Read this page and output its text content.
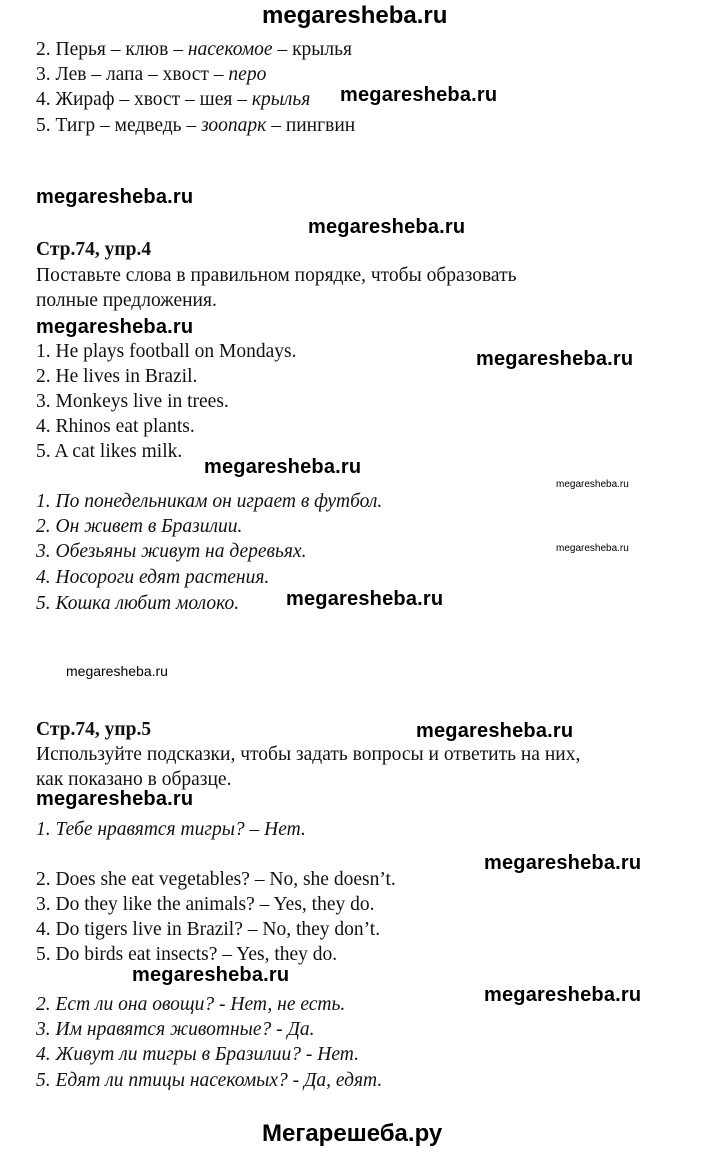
megaresheba.ru
Мегарешеба.ру
2. Перья – клюв – насекомое – крылья
3. Лев – лапа – хвост – перо
4. Жираф – хвост – шея – крылья
5. Тигр – медведь – зоопарк – пингвин
Стр.74, упр.4
Поставьте слова в правильном порядке, чтобы образовать
полные предложения.
1. He plays football on Mondays.
2. He lives in Brazil.
3. Monkeys live in trees.
4. Rhinos eat plants.
5. A cat likes milk.
1. По понедельникам он играет в футбол.
2. Он живет в Бразилии.
3. Обезьяны живут на деревьях.
4. Носороги едят растения.
5. Кошка любит молоко.
Стр.74, упр.5
Используйте подсказки, чтобы задать вопросы и ответить на них,
как показано в образце.
1. Тебе нравятся тигры? – Нет.
2. Does she eat vegetables? – No, she doesn’t.
3. Do they like the animals? – Yes, they do.
4. Do tigers live in Brazil? – No, they don’t.
5. Do birds eat insects? – Yes, they do.
2. Ест ли она овощи? - Нет, не есть.
3. Им нравятся животные? - Да.
4. Живут ли тигры в Бразилии? - Нет.
5. Едят ли птицы насекомых? - Да, едят.
megaresheba.ru
megaresheba.ru
megaresheba.ru
megaresheba.ru
megaresheba.ru
megaresheba.ru
megaresheba.ru
megaresheba.ru
megaresheba.ru
megaresheba.ru
megaresheba.ru
megaresheba.ru
megaresheba.ru
megaresheba.ru
megaresheba.ru
